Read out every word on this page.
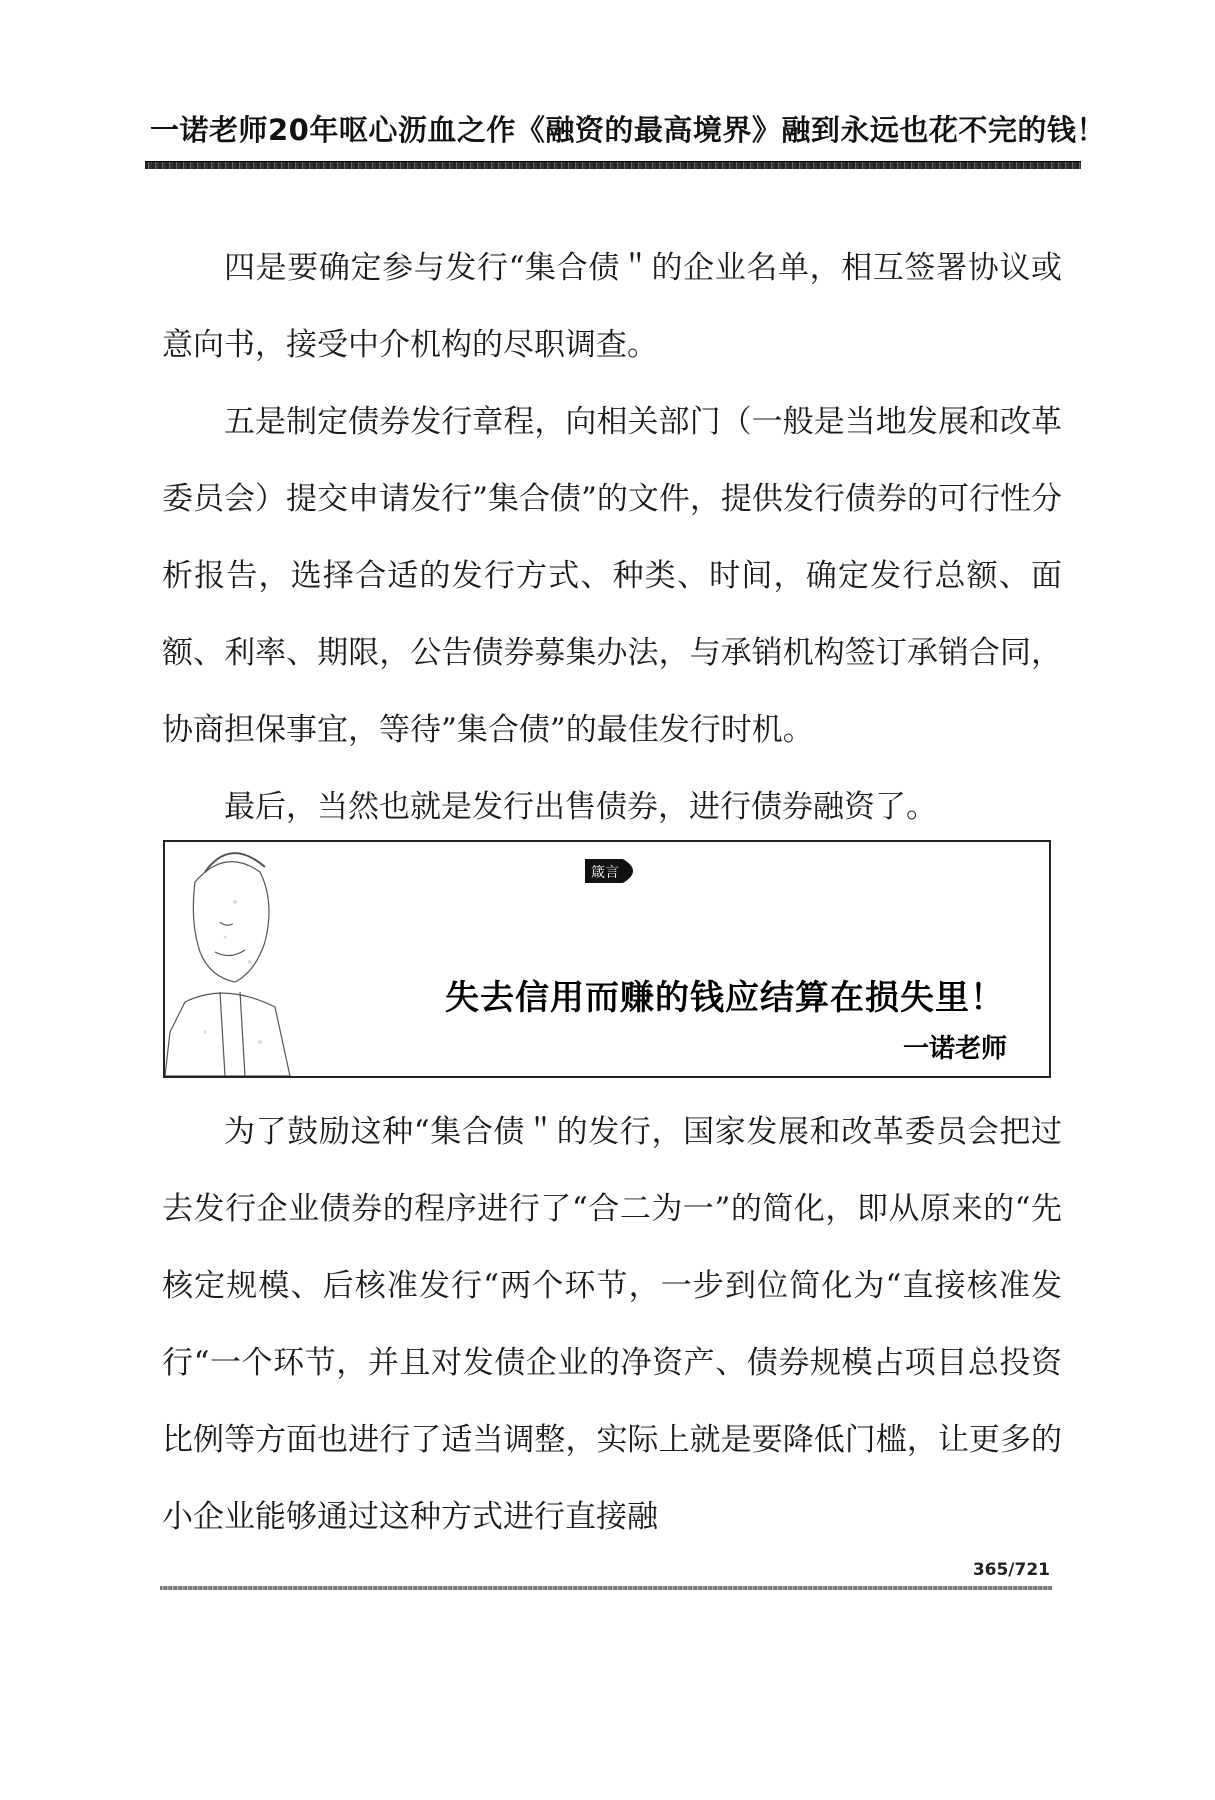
一诺老师20年呕心沥血之作《融资的最高境界》融到永远也花不完的钱！

四是要确定参与发行“集合债＂的企业名单，相互签署协议或意向书，接受中介机构的尽职调查。

五是制定债券发行章程，向相关部门（一般是当地发展和改革委员会）提交申请发行”集合债”的文件，提供发行债券的可行性分析报告，选择合适的发行方式、种类、时间，确定发行总额、面额、利率、期限，公告债券募集办法，与承销机构签订承销合同，协商担保事宜，等待”集合债”的最佳发行时机。

最后，当然也就是发行出售债券，进行债券融资了。

箴言
失去信用而赚的钱应结算在损失里！
一诺老师

为了鼓励这种“集合债＂的发行，国家发展和改革委员会把过去发行企业债券的程序进行了“合二为一”的简化，即从原来的“先核定规模、后核准发行“两个环节，一步到位简化为“直接核准发行“一个环节，并且对发债企业的净资产、债券规模占项目总投资比例等方面也进行了适当调整，实际上就是要降低门槛，让更多的小企业能够通过这种方式进行直接融

365/721
